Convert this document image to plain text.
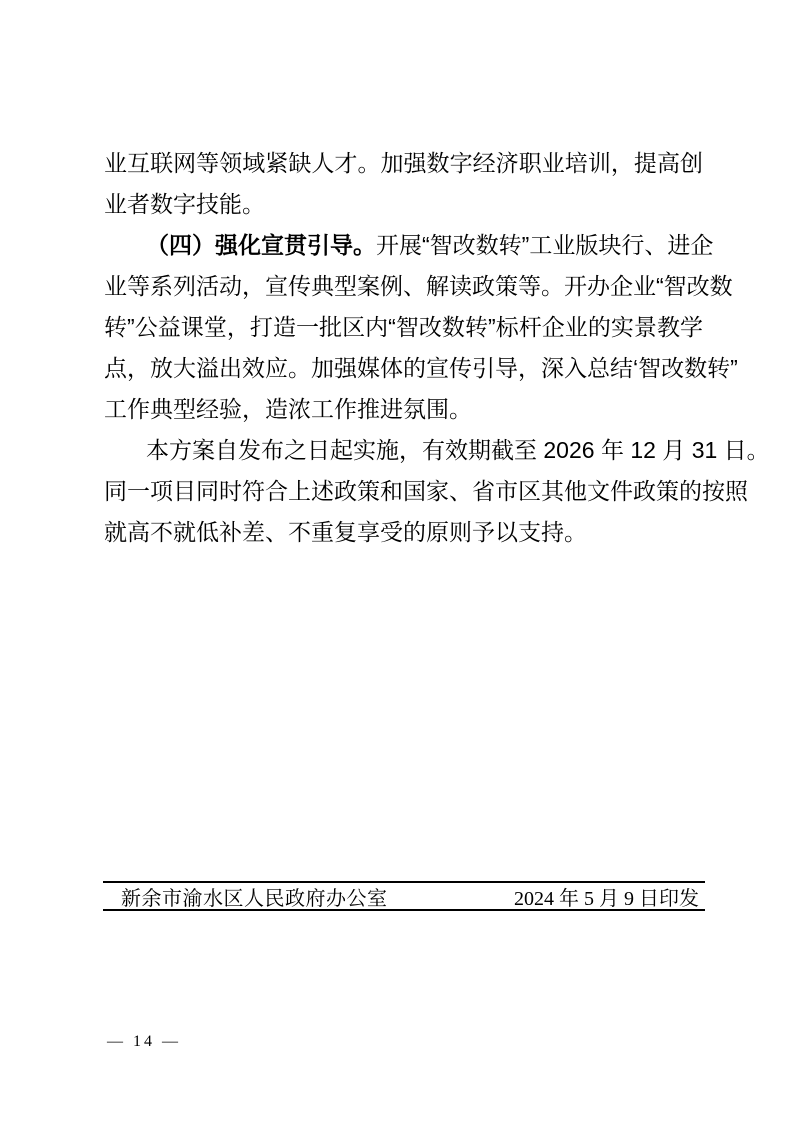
业互联网等领域紧缺人才。加强数字经济职业培训，提高创
业者数字技能。
（四）强化宣贯引导。开展“智改数转”工业版块行、进企
业等系列活动，宣传典型案例、解读政策等。开办企业“智改数
转”公益课堂，打造一批区内“智改数转”标杆企业的实景教学
点，放大溢出效应。加强媒体的宣传引导，深入总结‘智改数转”
工作典型经验，造浓工作推进氛围。
本方案自发布之日起实施，有效期截至 2026 年 12 月 31 日。
同一项目同时符合上述政策和国家、省市区其他文件政策的按照
就高不就低补差、不重复享受的原则予以支持。
新余市渝水区人民政府办公室	2024 年 5 月 9 日印发
— 14 —
